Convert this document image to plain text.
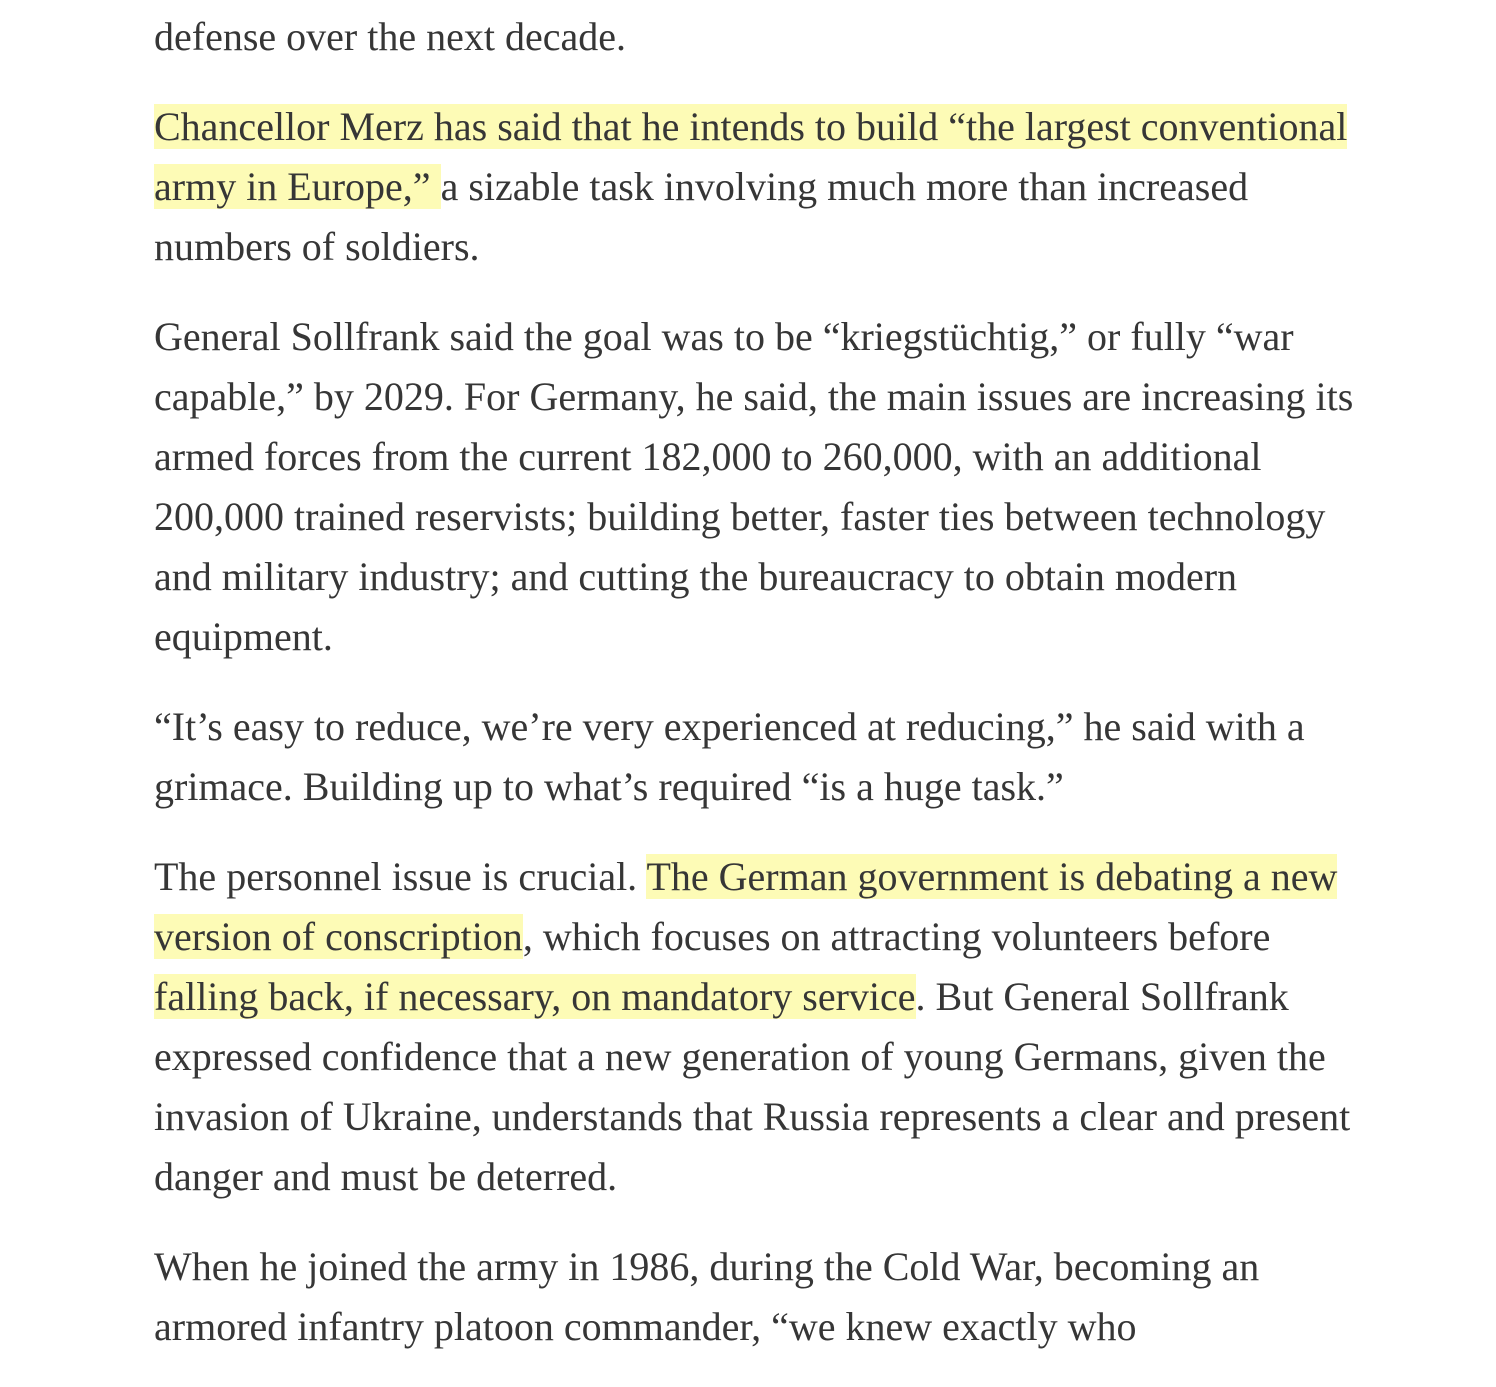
defense over the next decade.

Chancellor Merz has said that he intends to build “the largest conventional army in Europe,” a sizable task involving much more than increased numbers of soldiers.

General Sollfrank said the goal was to be “kriegstüchtig,” or fully “war capable,” by 2029. For Germany, he said, the main issues are increasing its armed forces from the current 182,000 to 260,000, with an additional 200,000 trained reservists; building better, faster ties between technology and military industry; and cutting the bureaucracy to obtain modern equipment.

“It’s easy to reduce, we’re very experienced at reducing,” he said with a grimace. Building up to what’s required “is a huge task.”

The personnel issue is crucial. The German government is debating a new version of conscription, which focuses on attracting volunteers before falling back, if necessary, on mandatory service. But General Sollfrank expressed confidence that a new generation of young Germans, given the invasion of Ukraine, understands that Russia represents a clear and present danger and must be deterred.

When he joined the army in 1986, during the Cold War, becoming an armored infantry platoon commander, “we knew exactly who
